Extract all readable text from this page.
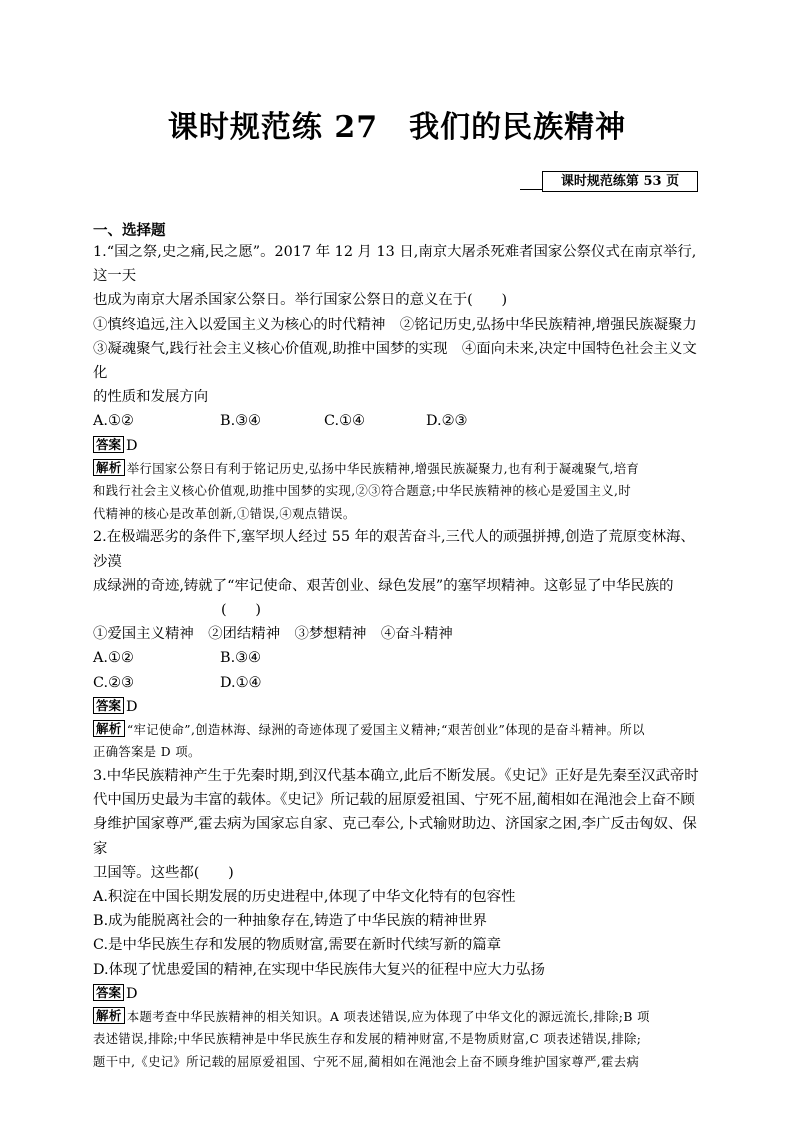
课时规范练 27　我们的民族精神
课时规范练第 53 页
一、选择题

1.“国之祭,史之痛,民之愿”。2017 年 12 月 13 日,南京大屠杀死难者国家公祭仪式在南京举行,这一天

也成为南京大屠杀国家公祭日。举行国家公祭日的意义在于(　　)

①慎终追远,注入以爱国主义为核心的时代精神　②铭记历史,弘扬中华民族精神,增强民族凝聚力

③凝魂聚气,践行社会主义核心价值观,助推中国梦的实现　④面向未来,决定中国特色社会主义文化

的性质和发展方向

A.①②	B.③④	C.①④	D.②③

答案 D

解析 举行国家公祭日有利于铭记历史,弘扬中华民族精神,增强民族凝聚力,也有利于凝魂聚气,培育

和践行社会主义核心价值观,助推中国梦的实现,②③符合题意;中华民族精神的核心是爱国主义,时

代精神的核心是改革创新,①错误,④观点错误。

2.在极端恶劣的条件下,塞罕坝人经过 55 年的艰苦奋斗,三代人的顽强拼搏,创造了荒原变林海、沙漠

成绿洲的奇迹,铸就了“牢记使命、艰苦创业、绿色发展”的塞罕坝精神。这彰显了中华民族的

(　　)

①爱国主义精神　②团结精神　③梦想精神　④奋斗精神

A.①②	B.③④

C.②③	D.①④

答案 D

解析 “牢记使命”,创造林海、绿洲的奇迹体现了爱国主义精神;“艰苦创业”体现的是奋斗精神。所以

正确答案是 D 项。

3.中华民族精神产生于先秦时期,到汉代基本确立,此后不断发展。《史记》正好是先秦至汉武帝时

代中国历史最为丰富的载体。《史记》所记载的屈原爱祖国、宁死不屈,蔺相如在渑池会上奋不顾

身维护国家尊严,霍去病为国家忘自家、克己奉公,卜式输财助边、济国家之困,李广反击匈奴、保家

卫国等。这些都(　　)

A.积淀在中国长期发展的历史进程中,体现了中华文化特有的包容性

B.成为能脱离社会的一种抽象存在,铸造了中华民族的精神世界

C.是中华民族生存和发展的物质财富,需要在新时代续写新的篇章

D.体现了忧患爱国的精神,在实现中华民族伟大复兴的征程中应大力弘扬

答案 D

解析 本题考查中华民族精神的相关知识。A 项表述错误,应为体现了中华文化的源远流长,排除;B 项

表述错误,排除;中华民族精神是中华民族生存和发展的精神财富,不是物质财富,C 项表述错误,排除;

题干中,《史记》所记载的屈原爱祖国、宁死不屈,蔺相如在渑池会上奋不顾身维护国家尊严,霍去病
